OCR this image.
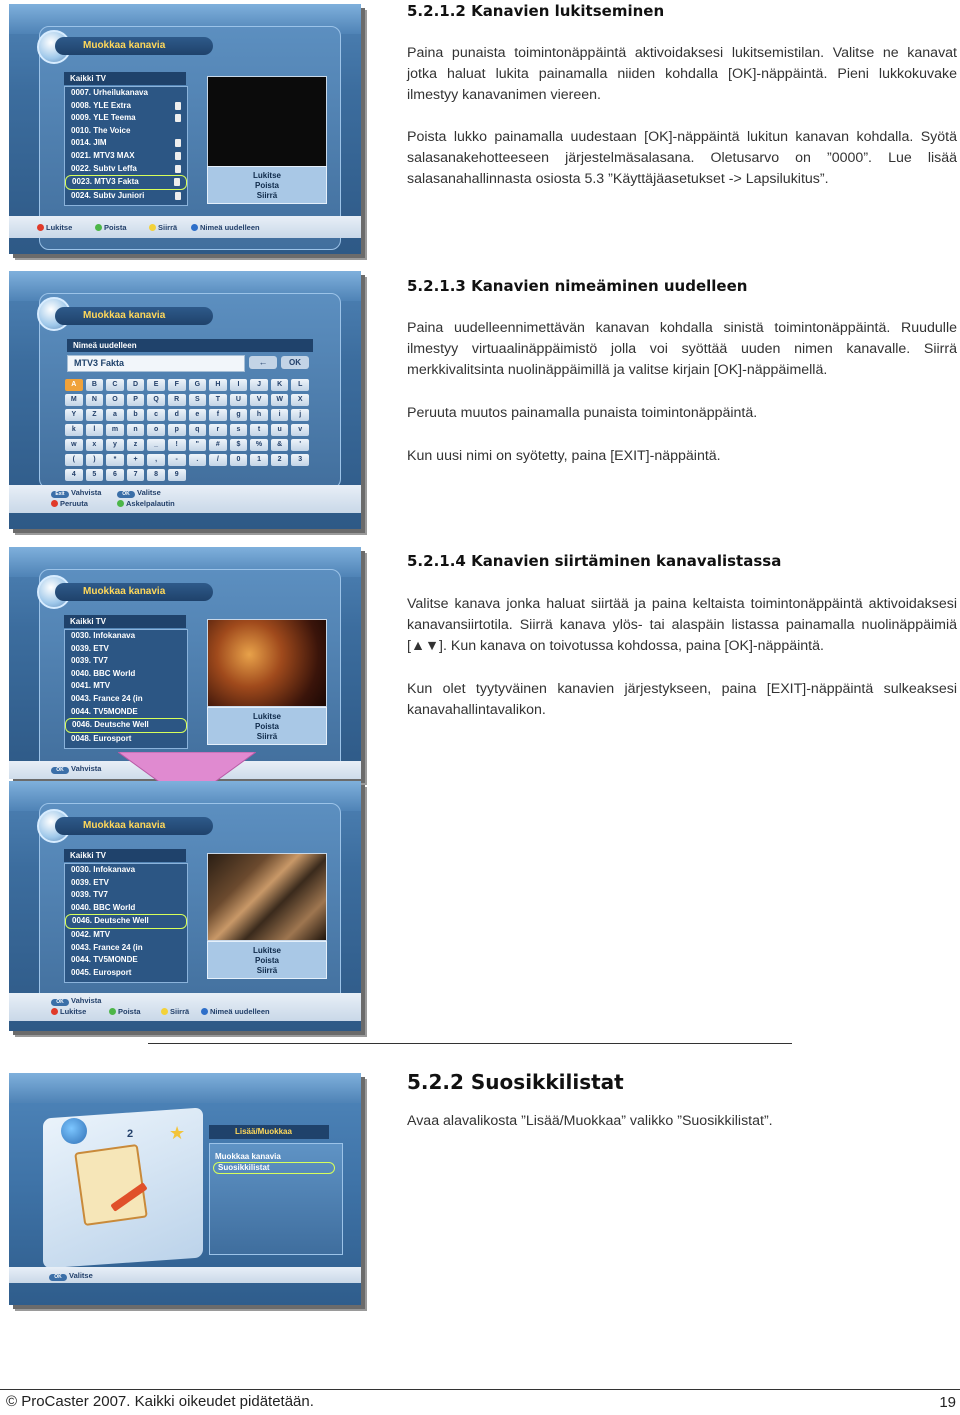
Muokkaa kanavia
Kaikki TV
0007. Urheilukanava
0008. YLE Extra
0009. YLE Teema
0010. The Voice
0014. JIM
0021. MTV3 MAX
0022. Subtv Leffa
0023. MTV3 Fakta
0024. Subtv Juniori
Lukitse
Poista
Siirrä
Lukitse	Poista	Siirrä	Nimeä uudelleen
Muokkaa kanavia
Nimeä uudelleen
MTV3 Fakta	←	OK
A	B	C	D	E	F	G	H	I	J	K	L
M	N	O	P	Q	R	S	T	U	V	W	X
Y	Z	a	b	c	d	e	f	g	h	i	j
k	l	m	n	o	p	q	r	s	t	u	v
w	x	y	z	_	!	"	#	$	%	&	'
(	)	*	+	,	-	.	/	0	1	2	3
4	5	6	7	8	9
Exit Vahvista	OK Valitse
Peruuta	Askelpalautin
Muokkaa kanavia
Kaikki TV
0030. Infokanava
0039. ETV
0039. TV7
0040. BBC World
0041. MTV
0043. France 24 (in
0044. TV5MONDE
0046. Deutsche Well
0048. Eurosport
Lukitse
Poista
Siirrä
OK Vahvista
Muokkaa kanavia
Kaikki TV
0030. Infokanava
0039. ETV
0039. TV7
0040. BBC World
0046. Deutsche Well
0042. MTV
0043. France 24 (in
0044. TV5MONDE
0045. Eurosport
Lukitse
Poista
Siirrä
OK Vahvista
Lukitse	Poista	Siirrä	Nimeä uudelleen
2 ★	Lisää/Muokkaa
Muokkaa kanavia
Suosikkilistat
OK Valitse
5.2.1.2 Kanavien lukitseminen

Paina punaista toimintonäppäintä aktivoidaksesi lukitsemistilan. Valitse ne kanavat jotka haluat lukita painamalla niiden kohdalla [OK]-näppäintä. Pieni lukkokuvake ilmestyy kanavanimen viereen.

Poista lukko painamalla uudestaan [OK]-näppäintä lukitun kanavan kohdalla. Syötä salasanakehotteeseen järjestelmäsalasana. Oletusarvo on ”0000”. Lue lisää salasanahallinnasta osiosta 5.3 ”Käyttäjäasetukset -> Lapsilukitus”.

5.2.1.3 Kanavien nimeäminen uudelleen

Paina uudelleennimettävän kanavan kohdalla sinistä toimintonäppäintä. Ruudulle ilmestyy virtuaalinäppäimistö jolla voi syöttää uuden nimen kanavalle. Siirrä merkkivalitsinta nuolinäppäimillä ja valitse kirjain [OK]-näppäimellä.

Peruuta muutos painamalla punaista toimintonäppäintä.

Kun uusi nimi on syötetty, paina [EXIT]-näppäintä.

5.2.1.4 Kanavien siirtäminen kanavalistassa

Valitse kanava jonka haluat siirtää ja paina keltaista toimintonäppäintä aktivoidaksesi kanavansiirtotila. Siirrä kanava ylös- tai alaspäin listassa painamalla nuolinäppäimiä [▲▼]. Kun kanava on toivotussa kohdossa, paina [OK]-näppäintä.

Kun olet tyytyväinen kanavien järjestykseen, paina [EXIT]-näppäintä sulkeaksesi kanavahallintavalikon.

5.2.2 Suosikkilistat

Avaa alavalikosta ”Lisää/Muokkaa” valikko ”Suosikkilistat”.

© ProCaster 2007. Kaikki oikeudet pidätetään.	19
